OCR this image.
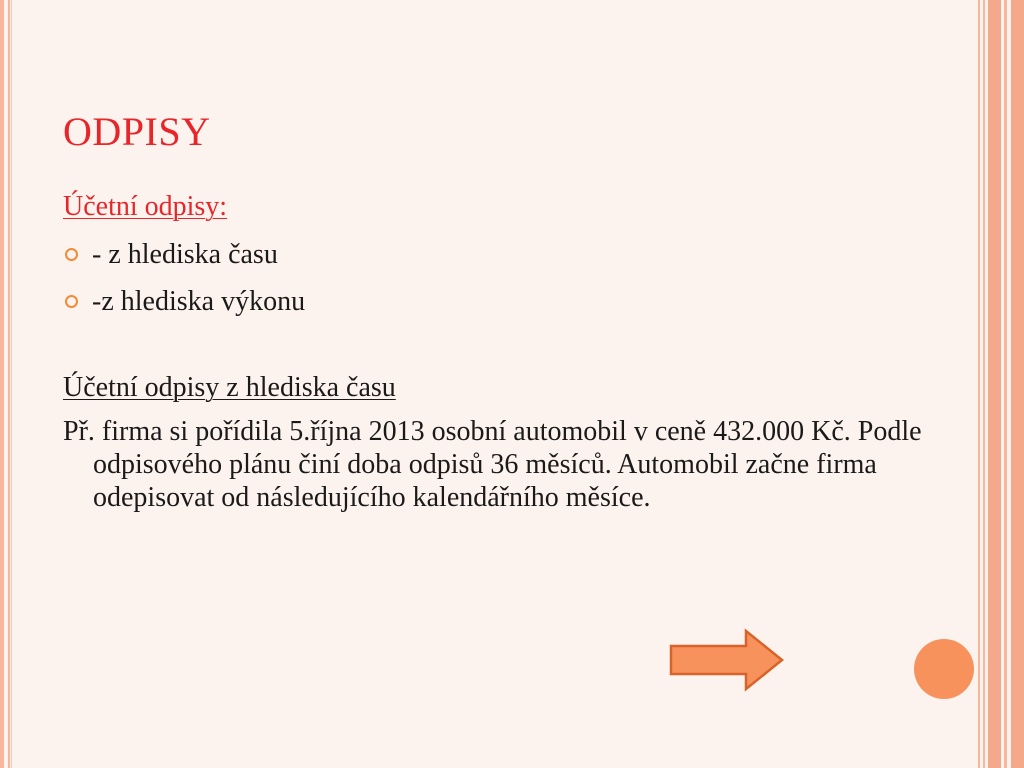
ODPISY
Účetní odpisy:
- z hlediska času
-z hlediska výkonu
Účetní odpisy z hlediska času
Př. firma si pořídila 5.října 2013 osobní automobil v ceně 432.000 Kč. Podle odpisového plánu činí doba odpisů 36 měsíců. Automobil začne firma odepisovat od následujícího kalendářního měsíce.
